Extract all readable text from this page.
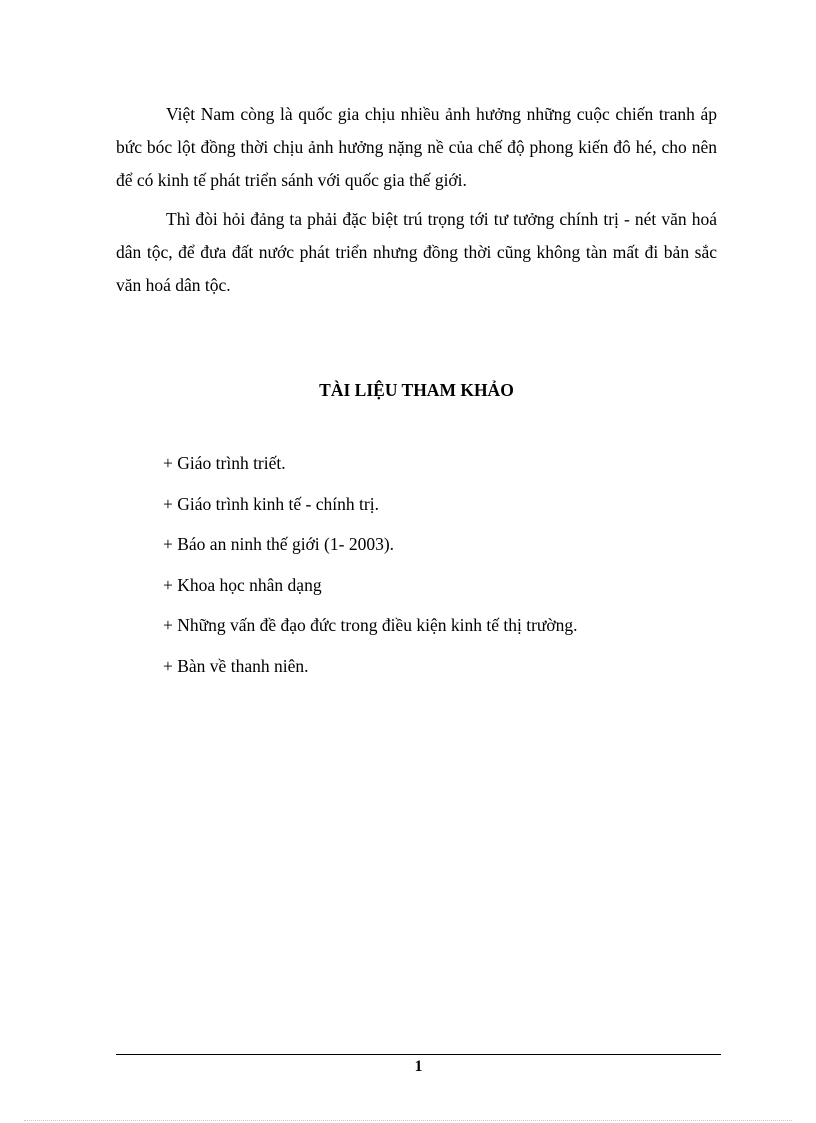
Việt Nam còng là quốc gia chịu nhiều ảnh hưởng những cuộc chiến tranh áp bức bóc lột đồng thời chịu ảnh hưởng nặng nề của chế độ phong kiến đô hé, cho nên để có kinh tế phát triển sánh với quốc gia thế giới.

Thì đòi hỏi đảng ta phải đặc biệt trú trọng tới tư tưởng chính trị - nét văn hoá dân tộc, để đưa đất nước phát triển nhưng đồng thời cũng không tàn mất đi bản sắc văn hoá dân tộc.

TÀI LIỆU THAM KHẢO
+ Giáo trình triết.
+ Giáo trình kinh tế - chính trị.
+ Báo an ninh thế giới (1- 2003).
+ Khoa học nhân dạng
+ Những vấn đề đạo đức trong điều kiện kinh tế thị trường.
+ Bàn về thanh niên.
1
